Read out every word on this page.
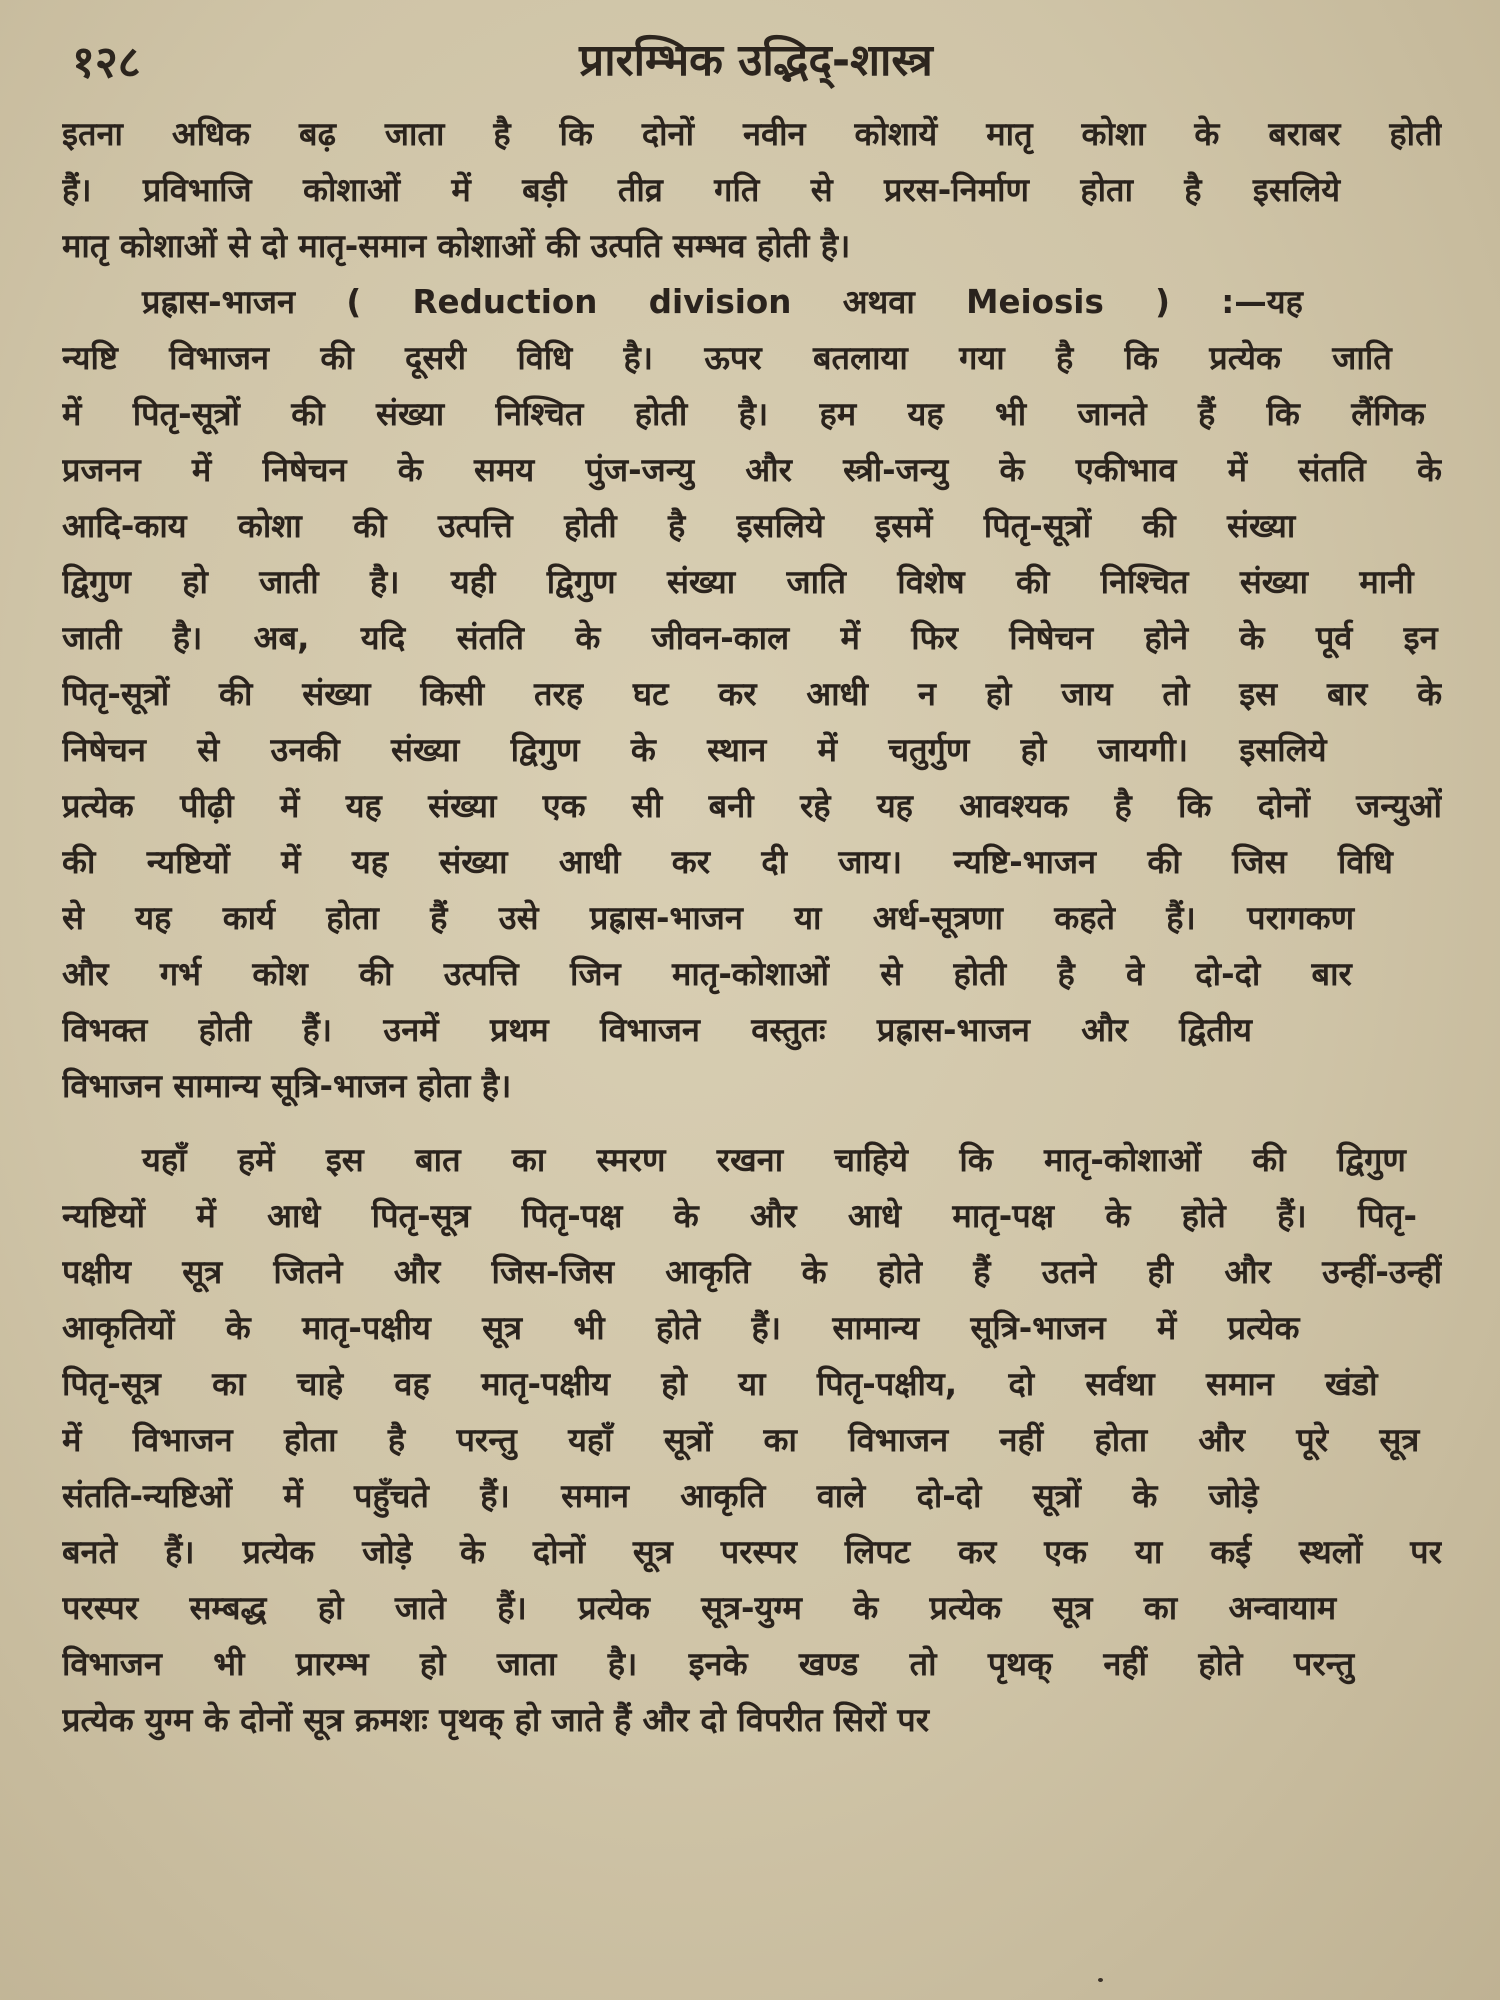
१२८	प्रारम्भिक उद्भिद्-शास्त्र

इतना अधिक बढ़ जाता है कि दोनों नवीन कोशायें मातृ कोशा के बराबर होती
हैं। प्रविभाजि कोशाओं में बड़ी तीव्र गति से प्ररस-निर्माण होता है इसलिये
मातृ कोशाओं से दो मातृ-समान कोशाओं की उत्पति सम्भव होती है।

प्रह्रास-भाजन ( Reduction division अथवा Meiosis ) :—यह
न्यष्टि विभाजन की दूसरी विधि है। ऊपर बतलाया गया है कि प्रत्येक जाति
में पितृ-सूत्रों की संख्या निश्चित होती है। हम यह भी जानते हैं कि लैंगिक
प्रजनन में निषेचन के समय पुंज-जन्यु और स्त्री-जन्यु के एकीभाव में संतति के
आदि-काय कोशा की उत्पत्ति होती है इसलिये इसमें पितृ-सूत्रों की संख्या
द्विगुण हो जाती है। यही द्विगुण संख्या जाति विशेष की निश्चित संख्या मानी
जाती है। अब, यदि संतति के जीवन-काल में फिर निषेचन होने के पूर्व इन
पितृ-सूत्रों की संख्या किसी तरह घट कर आधी न हो जाय तो इस बार के
निषेचन से उनकी संख्या द्विगुण के स्थान में चतुर्गुण हो जायगी। इसलिये
प्रत्येक पीढ़ी में यह संख्या एक सी बनी रहे यह आवश्यक है कि दोनों जन्युओं
की न्यष्टियों में यह संख्या आधी कर दी जाय। न्यष्टि-भाजन की जिस विधि
से यह कार्य होता हैं उसे प्रह्रास-भाजन या अर्ध-सूत्रणा कहते हैं। परागकण
और गर्भ कोश की उत्पत्ति जिन मातृ-कोशाओं से होती है वे दो-दो बार
विभक्त होती हैं। उनमें प्रथम विभाजन वस्तुतः प्रह्रास-भाजन और द्वितीय
विभाजन सामान्य सूत्रि-भाजन होता है।

यहाँ हमें इस बात का स्मरण रखना चाहिये कि मातृ-कोशाओं की द्विगुण
न्यष्टियों में आधे पितृ-सूत्र पितृ-पक्ष के और आधे मातृ-पक्ष के होते हैं। पितृ-
पक्षीय सूत्र जितने और जिस-जिस आकृति के होते हैं उतने ही और उन्हीं-उन्हीं
आकृतियों के मातृ-पक्षीय सूत्र भी होते हैं। सामान्य सूत्रि-भाजन में प्रत्येक
पितृ-सूत्र का चाहे वह मातृ-पक्षीय हो या पितृ-पक्षीय, दो सर्वथा समान खंडो
में विभाजन होता है परन्तु यहाँ सूत्रों का विभाजन नहीं होता और पूरे सूत्र
संतति-न्यष्टिओं में पहुँचते हैं। समान आकृति वाले दो-दो सूत्रों के जोड़े
बनते हैं। प्रत्येक जोड़े के दोनों सूत्र परस्पर लिपट कर एक या कई स्थलों पर
परस्पर सम्बद्ध हो जाते हैं। प्रत्येक सूत्र-युग्म के प्रत्येक सूत्र का अन्वायाम
विभाजन भी प्रारम्भ हो जाता है। इनके खण्ड तो पृथक् नहीं होते परन्तु
प्रत्येक युग्म के दोनों सूत्र क्रमशः पृथक् हो जाते हैं और दो विपरीत सिरों पर
